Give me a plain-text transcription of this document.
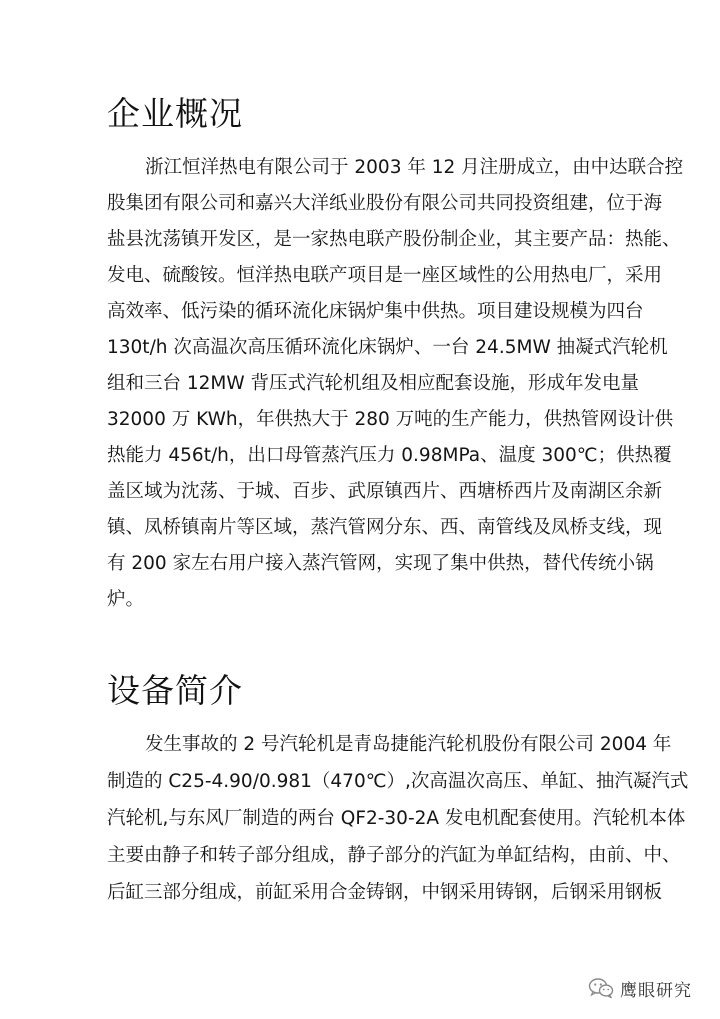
企业概况
浙江恒洋热电有限公司于 2003 年 12 月注册成立，由中达联合控
股集团有限公司和嘉兴大洋纸业股份有限公司共同投资组建，位于海
盐县沈荡镇开发区，是一家热电联产股份制企业，其主要产品：热能、
发电、硫酸铵。恒洋热电联产项目是一座区域性的公用热电厂，采用
高效率、低污染的循环流化床锅炉集中供热。项目建设规模为四台
130t/h 次高温次高压循环流化床锅炉、一台 24.5MW 抽凝式汽轮机
组和三台 12MW 背压式汽轮机组及相应配套设施，形成年发电量
32000 万 KWh，年供热大于 280 万吨的生产能力，供热管网设计供
热能力 456t/h，出口母管蒸汽压力 0.98MPa、温度 300℃；供热覆
盖区域为沈荡、于城、百步、武原镇西片、西塘桥西片及南湖区余新
镇、凤桥镇南片等区域，蒸汽管网分东、西、南管线及凤桥支线，现
有 200 家左右用户接入蒸汽管网，实现了集中供热，替代传统小锅
炉。
设备简介
发生事故的 2 号汽轮机是青岛捷能汽轮机股份有限公司 2004 年
制造的 C25-4.90/0.981（470℃）,次高温次高压、单缸、抽汽凝汽式
汽轮机,与东风厂制造的两台 QF2-30-2A 发电机配套使用。汽轮机本体
主要由静子和转子部分组成，静子部分的汽缸为单缸结构，由前、中、
后缸三部分组成，前缸采用合金铸钢，中钢采用铸钢，后钢采用钢板
鹰眼研究
